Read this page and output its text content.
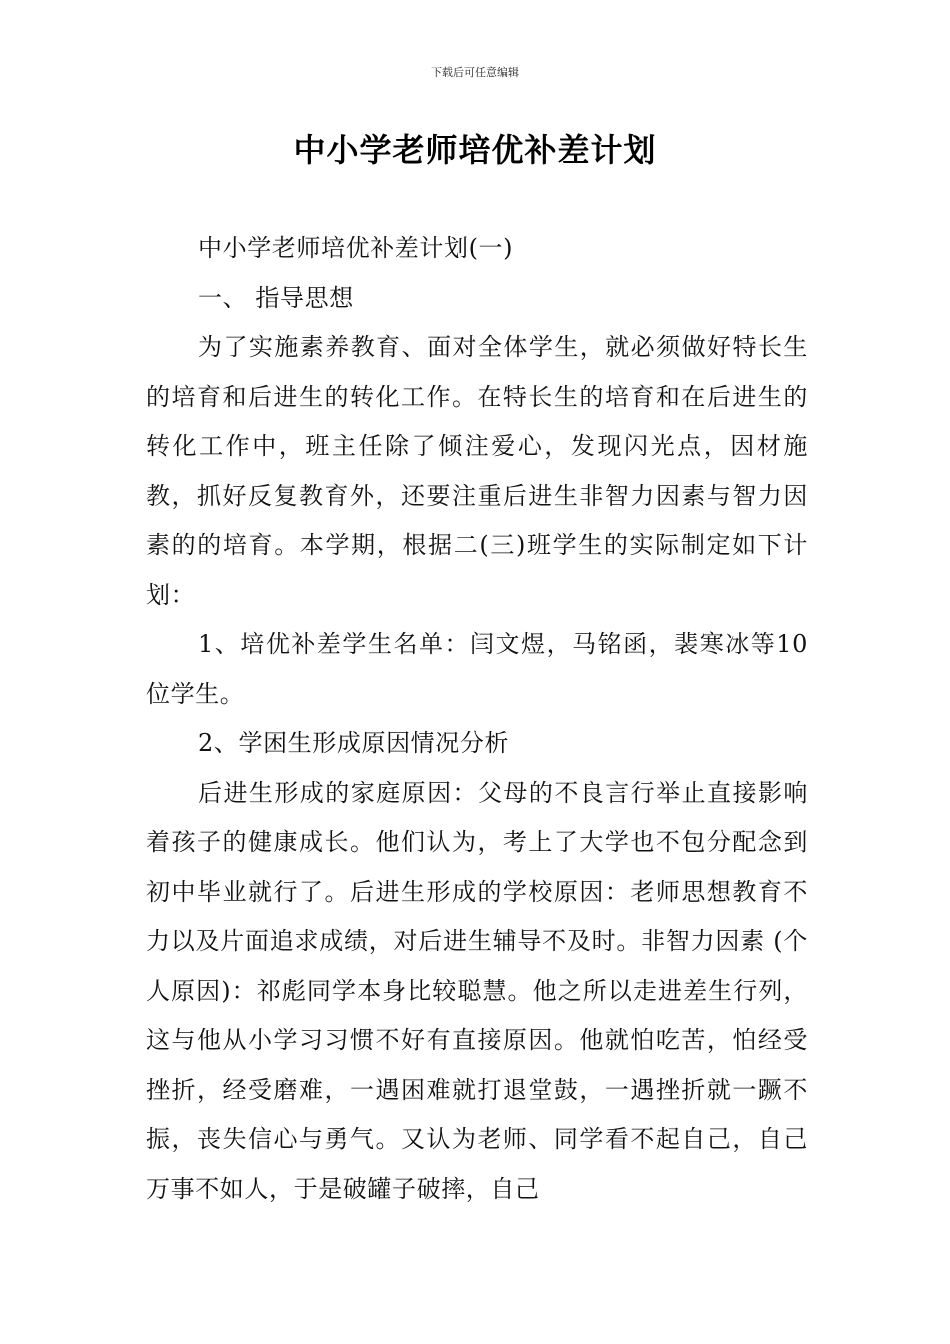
下载后可任意编辑
中小学老师培优补差计划

中小学老师培优补差计划(一)

一、 指导思想

为了实施素养教育、面对全体学生，就必须做好特长生的培育和后进生的转化工作。在特长生的培育和在后进生的转化工作中，班主任除了倾注爱心，发现闪光点，因材施教，抓好反复教育外，还要注重后进生非智力因素与智力因素的的培育。本学期，根据二(三)班学生的实际制定如下计划：

1、培优补差学生名单：闫文煜，马铭函，裴寒冰等10位学生。

2、学困生形成原因情况分析

后进生形成的家庭原因：父母的不良言行举止直接影响着孩子的健康成长。他们认为，考上了大学也不包分配念到初中毕业就行了。后进生形成的学校原因：老师思想教育不力以及片面追求成绩，对后进生辅导不及时。非智力因素 (个人原因)：祁彪同学本身比较聪慧。他之所以走进差生行列，这与他从小学习习惯不好有直接原因。他就怕吃苦，怕经受挫折，经受磨难，一遇困难就打退堂鼓，一遇挫折就一蹶不振，丧失信心与勇气。又认为老师、同学看不起自己，自己万事不如人，于是破罐子破摔，自己
